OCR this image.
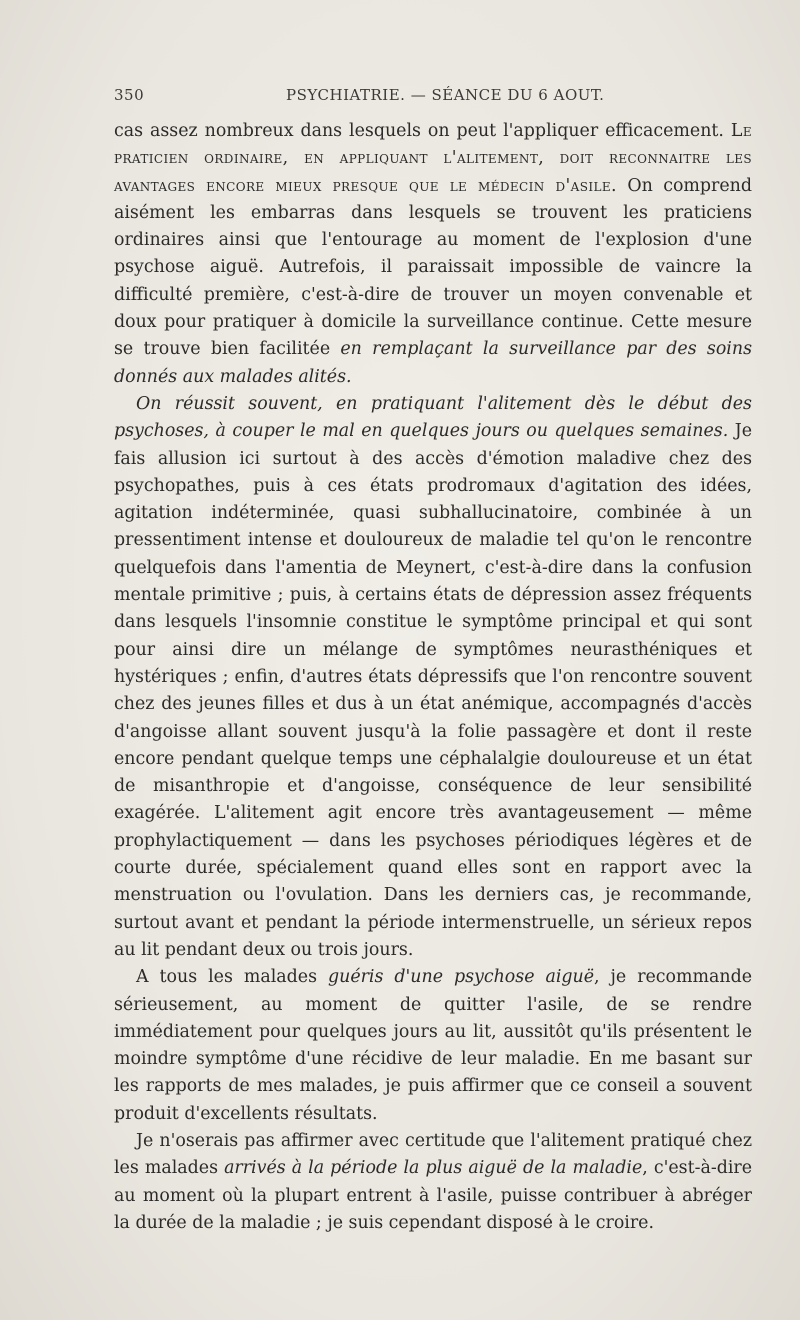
350	PSYCHIATRIE. — SÉANCE DU 6 AOUT.

cas assez nombreux dans lesquels on peut l'appliquer efficacement. Le praticien ordinaire, en appliquant l'alitement, doit reconnaitre les avantages encore mieux presque que le médecin d'asile. On comprend aisément les embarras dans lesquels se trouvent les praticiens ordinaires ainsi que l'entourage au moment de l'explosion d'une psychose aiguë. Autrefois, il paraissait impossible de vaincre la difficulté première, c'est-à-dire de trouver un moyen convenable et doux pour pratiquer à domicile la surveillance continue. Cette mesure se trouve bien facilitée en remplaçant la surveillance par des soins donnés aux malades alités.

On réussit souvent, en pratiquant l'alitement dès le début des psychoses, à couper le mal en quelques jours ou quelques semaines. Je fais allusion ici surtout à des accès d'émotion maladive chez des psychopathes, puis à ces états prodromaux d'agitation des idées, agitation indéterminée, quasi subhallucinatoire, combinée à un pressentiment intense et douloureux de maladie tel qu'on le rencontre quelquefois dans l'amentia de Meynert, c'est-à-dire dans la confusion mentale primitive ; puis, à certains états de dépression assez fréquents dans lesquels l'insomnie constitue le symptôme principal et qui sont pour ainsi dire un mélange de symptômes neurasthéniques et hystériques ; enfin, d'autres états dépressifs que l'on rencontre souvent chez des jeunes filles et dus à un état anémique, accompagnés d'accès d'angoisse allant souvent jusqu'à la folie passagère et dont il reste encore pendant quelque temps une céphalalgie douloureuse et un état de misanthropie et d'angoisse, conséquence de leur sensibilité exagérée. L'alitement agit encore très avantageusement — même prophylactiquement — dans les psychoses périodiques légères et de courte durée, spécialement quand elles sont en rapport avec la menstruation ou l'ovulation. Dans les derniers cas, je recommande, surtout avant et pendant la période intermenstruelle, un sérieux repos au lit pendant deux ou trois jours.

A tous les malades guéris d'une psychose aiguë, je recommande sérieusement, au moment de quitter l'asile, de se rendre immédiatement pour quelques jours au lit, aussitôt qu'ils présentent le moindre symptôme d'une récidive de leur maladie. En me basant sur les rapports de mes malades, je puis affirmer que ce conseil a souvent produit d'excellents résultats.

Je n'oserais pas affirmer avec certitude que l'alitement pratiqué chez les malades arrivés à la période la plus aiguë de la maladie, c'est-à-dire au moment où la plupart entrent à l'asile, puisse contribuer à abréger la durée de la maladie ; je suis cependant disposé à le croire.
